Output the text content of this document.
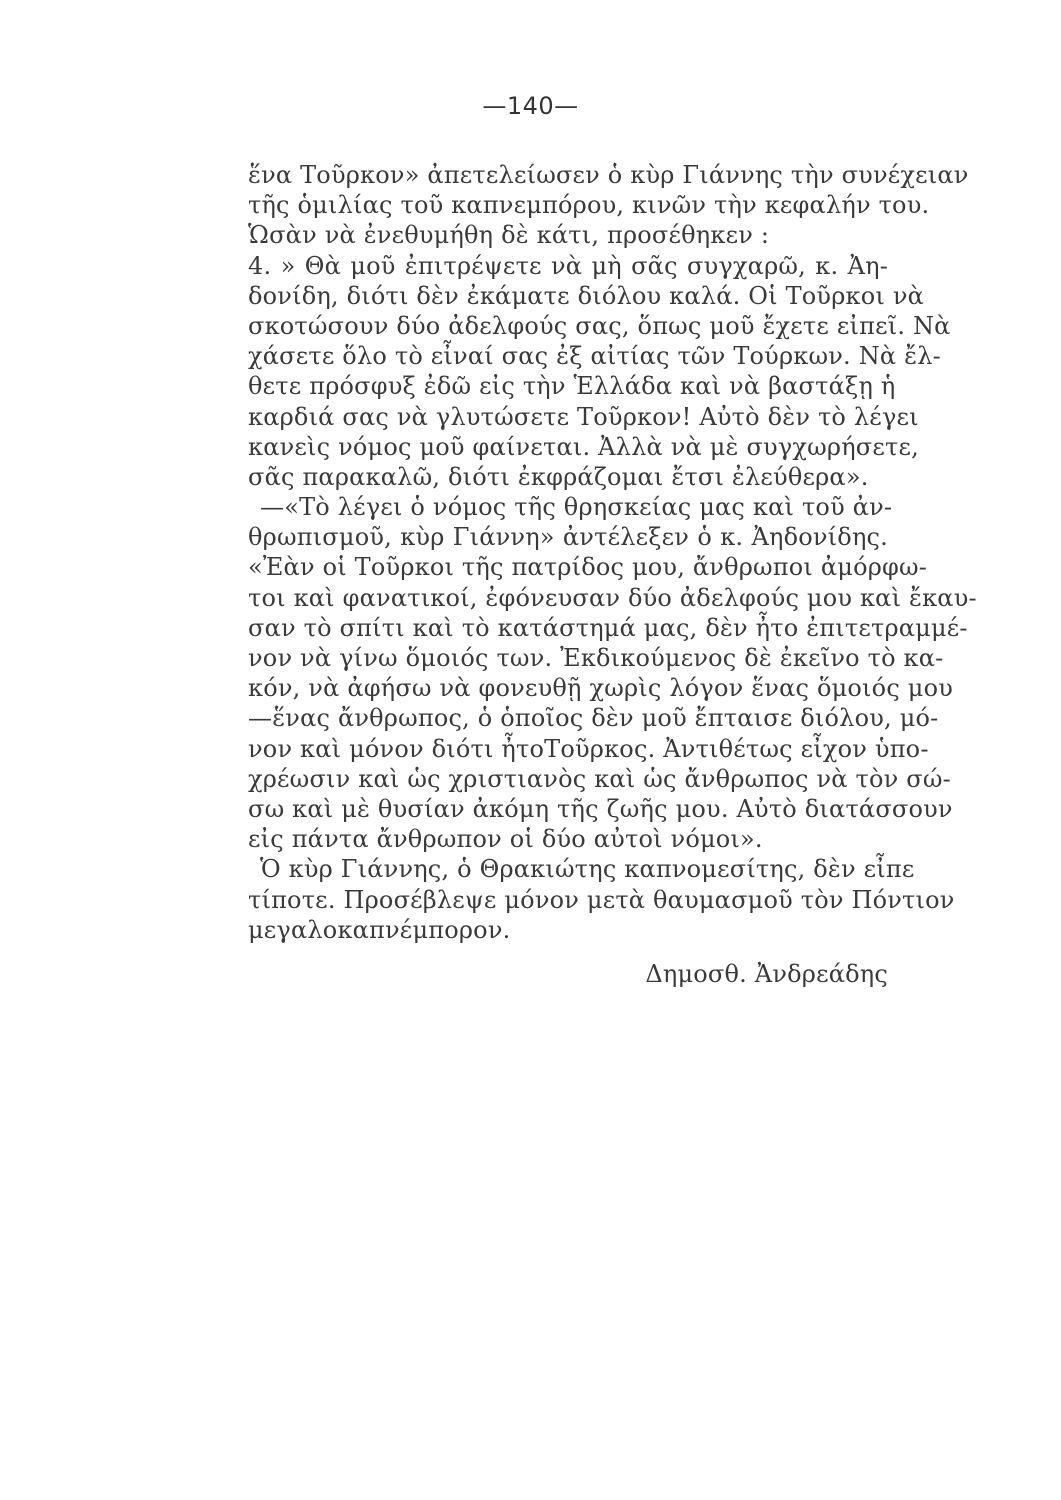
—140—
ἕνα Τοῦρκον» ἀπετελείωσεν ὁ κὺρ Γιάννης τὴν συνέχειαν
τῆς ὁμιλίας τοῦ καπνεμπόρου, κινῶν τὴν κεφαλήν του.
Ὡσὰν νὰ ἐνεθυμήθη δὲ κάτι, προσέθηκεν :
4. » Θὰ μοῦ ἐπιτρέψετε νὰ μὴ σᾶς συγχαρῶ, κ. Ἀη-
δονίδη, διότι δὲν ἐκάματε διόλου καλά. Οἱ Τοῦρκοι νὰ
σκοτώσουν δύο ἀδελφούς σας, ὅπως μοῦ ἔχετε εἰπεῖ. Νὰ
χάσετε ὅλο τὸ εἶναί σας ἐξ αἰτίας τῶν Τούρκων. Νὰ ἔλ-
θετε πρόσφυξ ἐδῶ εἰς τὴν Ἑλλάδα καὶ νὰ βαστάξῃ ἡ
καρδιά σας νὰ γλυτώσετε Τοῦρκον! Αὐτὸ δὲν τὸ λέγει
κανεὶς νόμος μοῦ φαίνεται. Ἀλλὰ νὰ μὲ συγχωρήσετε,
σᾶς παρακαλῶ, διότι ἐκφράζομαι ἔτσι ἐλεύθερα».
—«Τὸ λέγει ὁ νόμος τῆς θρησκείας μας καὶ τοῦ ἀν-
θρωπισμοῦ, κὺρ Γιάννη» ἀντέλεξεν ὁ κ. Ἀηδονίδης.
«Ἐὰν οἱ Τοῦρκοι τῆς πατρίδος μου, ἄνθρωποι ἀμόρφω-
τοι καὶ φανατικοί, ἐφόνευσαν δύο ἀδελφούς μου καὶ ἔκαυ-
σαν τὸ σπίτι καὶ τὸ κατάστημά μας, δὲν ἦτο ἐπιτετραμμέ-
νον νὰ γίνω ὅμοιός των. Ἐκδικούμενος δὲ ἐκεῖνο τὸ κα-
κόν, νὰ ἀφήσω νὰ φονευθῇ χωρὶς λόγον ἕνας ὅμοιός μου
—ἕνας ἄνθρωπος, ὁ ὁποῖος δὲν μοῦ ἔπταισε διόλου, μό-
νον καὶ μόνον διότι ἦτοΤοῦρκος. Ἀντιθέτως εἶχον ὑπο-
χρέωσιν καὶ ὡς χριστιανὸς καὶ ὡς ἄνθρωπος νὰ τὸν σώ-
σω καὶ μὲ θυσίαν ἀκόμη τῆς ζωῆς μου. Αὐτὸ διατάσσουν
εἰς πάντα ἄνθρωπον οἱ δύο αὐτοὶ νόμοι».
Ὁ κὺρ Γιάννης, ὁ Θρακιώτης καπνομεσίτης, δὲν εἶπε
τίποτε. Προσέβλεψε μόνον μετὰ θαυμασμοῦ τὸν Πόντιον
μεγαλοκαπνέμπορον.
Δημοσθ. Ἀνδρεάδης
